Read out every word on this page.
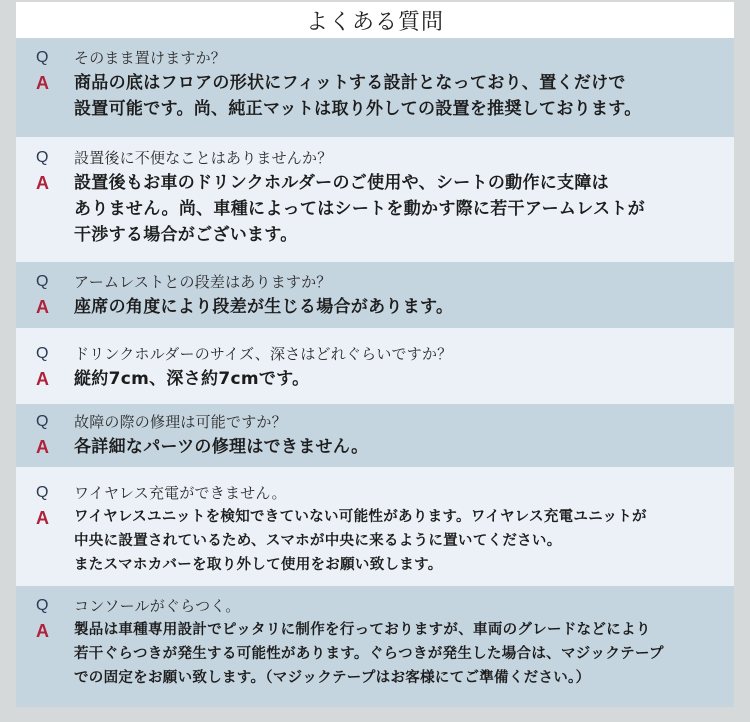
よくある質問
Q	そのまま置けますか？
A	商品の底はフロアの形状にフィットする設計となっており、置くだけで
設置可能です。尚、純正マットは取り外しての設置を推奨しております。
Q	設置後に不便なことはありませんか？
A	設置後もお車のドリンクホルダーのご使用や、シートの動作に支障は
ありません。尚、車種によってはシートを動かす際に若干アームレストが
干渉する場合がございます。
Q	アームレストとの段差はありますか？
A	座席の角度により段差が生じる場合があります。
Q	ドリンクホルダーのサイズ、深さはどれぐらいですか？
A	縦約7cm、深さ約7cmです。
Q	故障の際の修理は可能ですか？
A	各詳細なパーツの修理はできません。
Q	ワイヤレス充電ができません。
A	ワイヤレスユニットを検知できていない可能性があります。ワイヤレス充電ユニットが
中央に設置されているため、スマホが中央に来るように置いてください。
またスマホカバーを取り外して使用をお願い致します。
Q	コンソールがぐらつく。
A	製品は車種専用設計でピッタリに制作を行っておりますが、車両のグレードなどにより
若干ぐらつきが発生する可能性があります。ぐらつきが発生した場合は、マジックテープ
での固定をお願い致します。（マジックテープはお客様にてご準備ください。）
